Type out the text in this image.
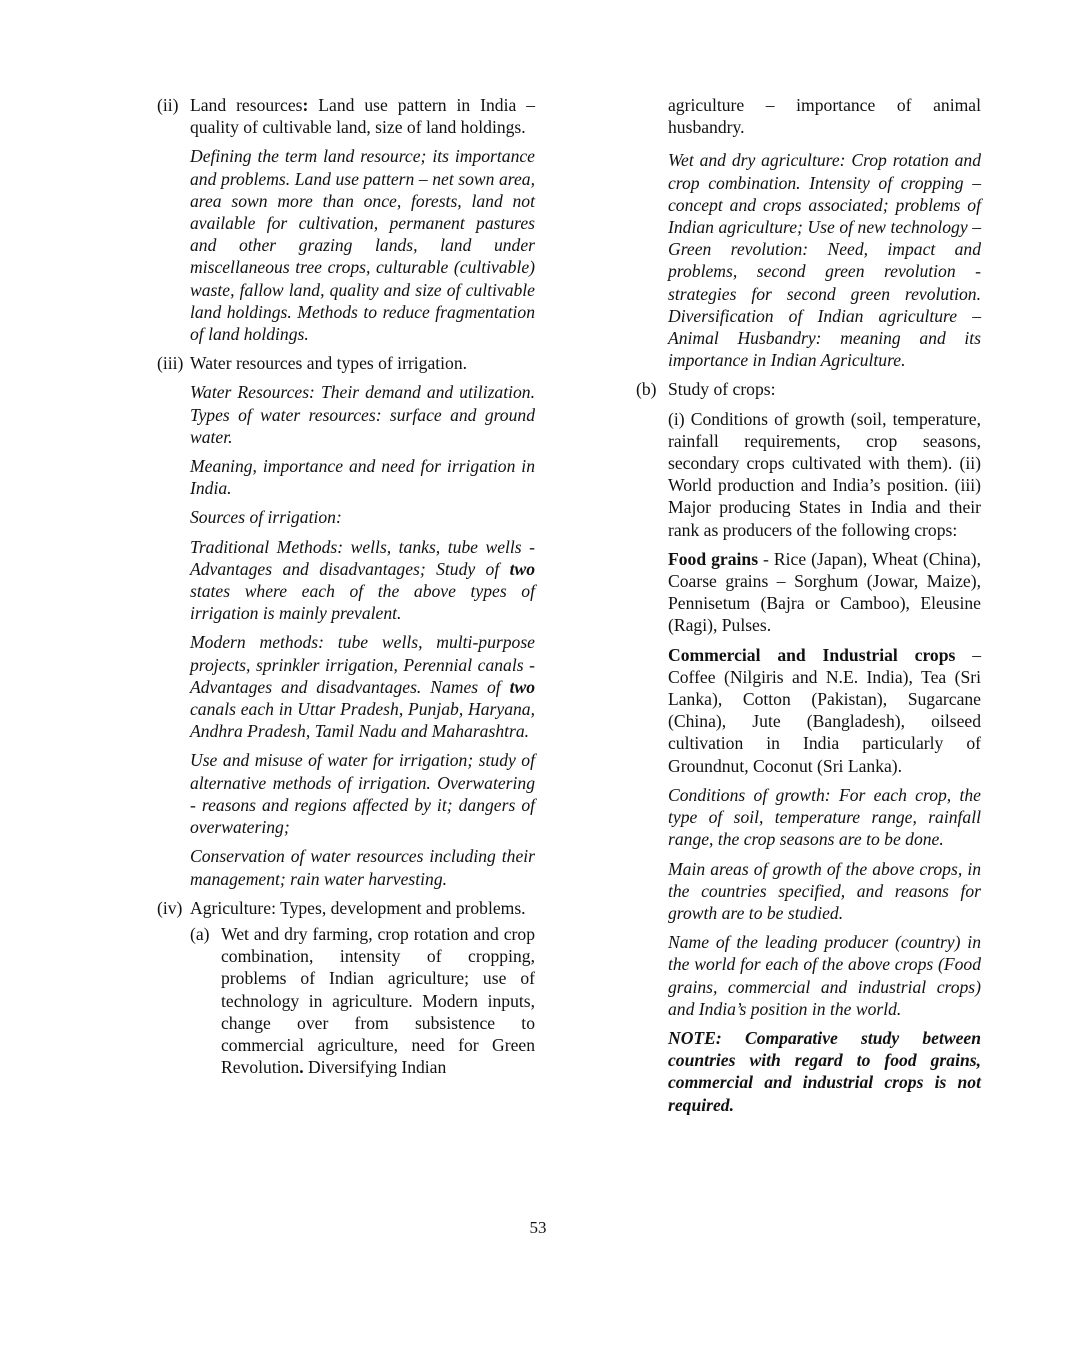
(ii) Land resources: Land use pattern in India – quality of cultivable land, size of land holdings.

Defining the term land resource; its importance and problems. Land use pattern – net sown area, area sown more than once, forests, land not available for cultivation, permanent pastures and other grazing lands, land under miscellaneous tree crops, culturable (cultivable) waste, fallow land, quality and size of cultivable land holdings. Methods to reduce fragmentation of land holdings.

(iii) Water resources and types of irrigation.

Water Resources: Their demand and utilization. Types of water resources: surface and ground water.

Meaning, importance and need for irrigation in India.

Sources of irrigation:

Traditional Methods: wells, tanks, tube wells - Advantages and disadvantages; Study of two states where each of the above types of irrigation is mainly prevalent.

Modern methods: tube wells, multi-purpose projects, sprinkler irrigation, Perennial canals - Advantages and disadvantages. Names of two canals each in Uttar Pradesh, Punjab, Haryana, Andhra Pradesh, Tamil Nadu and Maharashtra.

Use and misuse of water for irrigation; study of alternative methods of irrigation. Overwatering - reasons and regions affected by it; dangers of overwatering;

Conservation of water resources including their management; rain water harvesting.

(iv) Agriculture: Types, development and problems.
(a) Wet and dry farming, crop rotation and crop combination, intensity of cropping, problems of Indian agriculture; use of technology in agriculture. Modern inputs, change over from subsistence to commercial agriculture, need for Green Revolution. Diversifying Indian

agriculture – importance of animal husbandry.

Wet and dry agriculture: Crop rotation and crop combination. Intensity of cropping – concept and crops associated; problems of Indian agriculture; Use of new technology – Green revolution: Need, impact and problems, second green revolution - strategies for second green revolution. Diversification of Indian agriculture – Animal Husbandry: meaning and its importance in Indian Agriculture.

(b) Study of crops:

(i) Conditions of growth (soil, temperature, rainfall requirements, crop seasons, secondary crops cultivated with them). (ii) World production and India’s position. (iii) Major producing States in India and their rank as producers of the following crops:

Food grains - Rice (Japan), Wheat (China), Coarse grains – Sorghum (Jowar, Maize), Pennisetum (Bajra or Camboo), Eleusine (Ragi), Pulses.

Commercial and Industrial crops – Coffee (Nilgiris and N.E. India), Tea (Sri Lanka), Cotton (Pakistan), Sugarcane (China), Jute (Bangladesh), oilseed cultivation in India particularly of Groundnut, Coconut (Sri Lanka).

Conditions of growth: For each crop, the type of soil, temperature range, rainfall range, the crop seasons are to be done.

Main areas of growth of the above crops, in the countries specified, and reasons for growth are to be studied.

Name of the leading producer (country) in the world for each of the above crops (Food grains, commercial and industrial crops) and India’s position in the world.

NOTE: Comparative study between countries with regard to food grains, commercial and industrial crops is not required.

53
